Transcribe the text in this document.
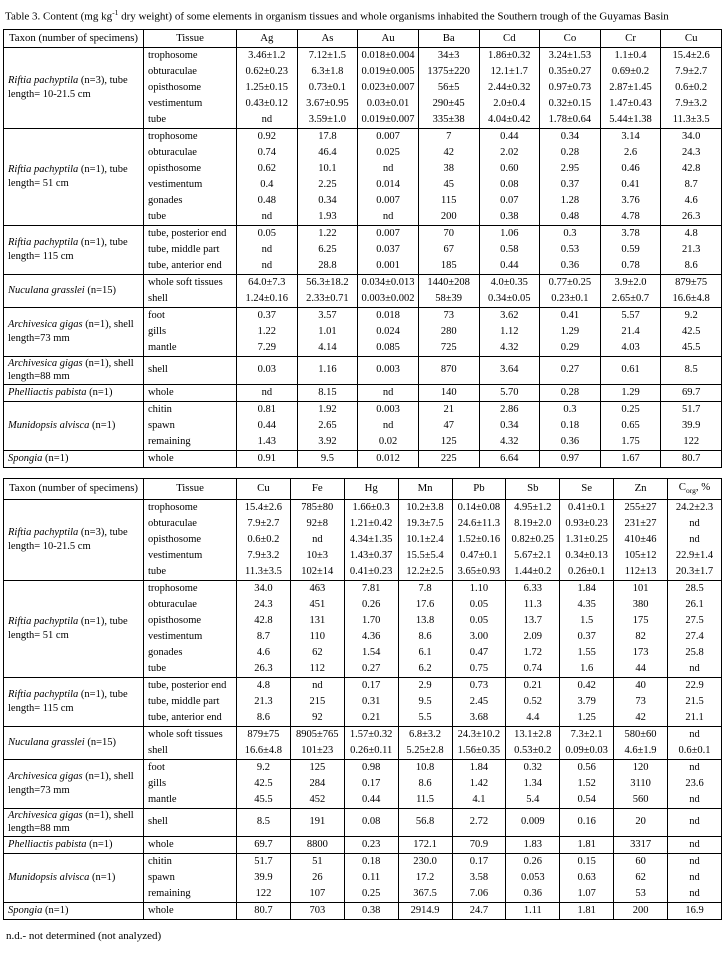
Table 3. Content (mg $kg^{-1}$ dry weight) of some elements in organism tissues and whole organisms inhabited the Southern trough of the Guyamas Basin
Taxon (number of specimens)	Tissue	Ag	As	Au	Ba	Cd	Co	Cr	Cu
Riftia pachyptila (n=3), tube length= 10-21.5 cm	trophosome	3.46±1.2	7.12±1.5	0.018±0.004	34±3	1.86±0.32	3.24±1.53	1.1±0.4	15.4±2.6
	obturaculae	0.62±0.23	6.3±1.8	0.019±0.005	1375±220	12.1±1.7	0.35±0.27	0.69±0.2	7.9±2.7
	opisthosome	1.25±0.15	0.73±0.1	0.023±0.007	56±5	2.44±0.32	0.97±0.73	2.87±1.45	0.6±0.2
	vestimentum	0.43±0.12	3.67±0.95	0.03±0.01	290±45	2.0±0.4	0.32±0.15	1.47±0.43	7.9±3.2
	tube	nd	3.59±1.0	0.019±0.007	335±38	4.04±0.42	1.78±0.64	5.44±1.38	11.3±3.5
Riftia pachyptila (n=1), tube length= 51 cm	trophosome	0.92	17.8	0.007	7	0.44	0.34	3.14	34.0
	obturaculae	0.74	46.4	0.025	42	2.02	0.28	2.6	24.3
	opisthosome	0.62	10.1	nd	38	0.60	2.95	0.46	42.8
	vestimentum	0.4	2.25	0.014	45	0.08	0.37	0.41	8.7
	gonades	0.48	0.34	0.007	115	0.07	1.28	3.76	4.6
	tube	nd	1.93	nd	200	0.38	0.48	4.78	26.3
Riftia pachyptila (n=1), tube length= 115 cm	tube, posterior end	0.05	1.22	0.007	70	1.06	0.3	3.78	4.8
	tube, middle part	nd	6.25	0.037	67	0.58	0.53	0.59	21.3
	tube, anterior end	nd	28.8	0.001	185	0.44	0.36	0.78	8.6
Nuculana grasslei (n=15)	whole soft tissues	64.0±7.3	56.3±18.2	0.034±0.013	1440±208	4.0±0.35	0.77±0.25	3.9±2.0	879±75
	shell	1.24±0.16	2.33±0.71	0.003±0.002	58±39	0.34±0.05	0.23±0.1	2.65±0.7	16.6±4.8
Archivesica gigas (n=1), shell length=73 mm	foot	0.37	3.57	0.018	73	3.62	0.41	5.57	9.2
	gills	1.22	1.01	0.024	280	1.12	1.29	21.4	42.5
	mantle	7.29	4.14	0.085	725	4.32	0.29	4.03	45.5
Archivesica gigas (n=1), shell length=88 mm	shell	0.03	1.16	0.003	870	3.64	0.27	0.61	8.5
Phelliactis pabista (n=1)	whole	nd	8.15	nd	140	5.70	0.28	1.29	69.7
Munidopsis alvisca (n=1)	chitin	0.81	1.92	0.003	21	2.86	0.3	0.25	51.7
	spawn	0.44	2.65	nd	47	0.34	0.18	0.65	39.9
	remaining	1.43	3.92	0.02	125	4.32	0.36	1.75	122
Spongia (n=1)	whole	0.91	9.5	0.012	225	6.64	0.97	1.67	80.7
Taxon (number of specimens)	Tissue	Cu	Fe	Hg	Mn	Pb	Sb	Se	Zn	$C_{org}$, %
Riftia pachyptila (n=3), tube length= 10-21.5 cm	trophosome	15.4±2.6	785±80	1.66±0.3	10.2±3.8	0.14±0.08	4.95±1.2	0.41±0.1	255±27	24.2±2.3
	obturaculae	7.9±2.7	92±8	1.21±0.42	19.3±7.5	24.6±11.3	8.19±2.0	0.93±0.23	231±27	nd
	opisthosome	0.6±0.2	nd	4.34±1.35	10.1±2.4	1.52±0.16	0.82±0.25	1.31±0.25	410±46	nd
	vestimentum	7.9±3.2	10±3	1.43±0.37	15.5±5.4	0.47±0.1	5.67±2.1	0.34±0.13	105±12	22.9±1.4
	tube	11.3±3.5	102±14	0.41±0.23	12.2±2.5	3.65±0.93	1.44±0.2	0.26±0.1	112±13	20.3±1.7
Riftia pachyptila (n=1), tube length= 51 cm	trophosome	34.0	463	7.81	7.8	1.10	6.33	1.84	101	28.5
	obturaculae	24.3	451	0.26	17.6	0.05	11.3	4.35	380	26.1
	opisthosome	42.8	131	1.70	13.8	0.05	13.7	1.5	175	27.5
	vestimentum	8.7	110	4.36	8.6	3.00	2.09	0.37	82	27.4
	gonades	4.6	62	1.54	6.1	0.47	1.72	1.55	173	25.8
	tube	26.3	112	0.27	6.2	0.75	0.74	1.6	44	nd
Riftia pachyptila (n=1), tube length= 115 cm	tube, posterior end	4.8	nd	0.17	2.9	0.73	0.21	0.42	40	22.9
	tube, middle part	21.3	215	0.31	9.5	2.45	0.52	3.79	73	21.5
	tube, anterior end	8.6	92	0.21	5.5	3.68	4.4	1.25	42	21.1
Nuculana grasslei (n=15)	whole soft tissues	879±75	8905±765	1.57±0.32	6.8±3.2	24.3±10.2	13.1±2.8	7.3±2.1	580±60	nd
	shell	16.6±4.8	101±23	0.26±0.11	5.25±2.8	1.56±0.35	0.53±0.2	0.09±0.03	4.6±1.9	0.6±0.1
Archivesica gigas (n=1), shell length=73 mm	foot	9.2	125	0.98	10.8	1.84	0.32	0.56	120	nd
	gills	42.5	284	0.17	8.6	1.42	1.34	1.52	3110	23.6
	mantle	45.5	452	0.44	11.5	4.1	5.4	0.54	560	nd
Archivesica gigas (n=1), shell length=88 mm	shell	8.5	191	0.08	56.8	2.72	0.009	0.16	20	nd
Phelliactis pabista (n=1)	whole	69.7	8800	0.23	172.1	70.9	1.83	1.81	3317	nd
Munidopsis alvisca (n=1)	chitin	51.7	51	0.18	230.0	0.17	0.26	0.15	60	nd
	spawn	39.9	26	0.11	17.2	3.58	0.053	0.63	62	nd
	remaining	122	107	0.25	367.5	7.06	0.36	1.07	53	nd
Spongia (n=1)	whole	80.7	703	0.38	2914.9	24.7	1.11	1.81	200	16.9
n.d.- not determined (not analyzed)
